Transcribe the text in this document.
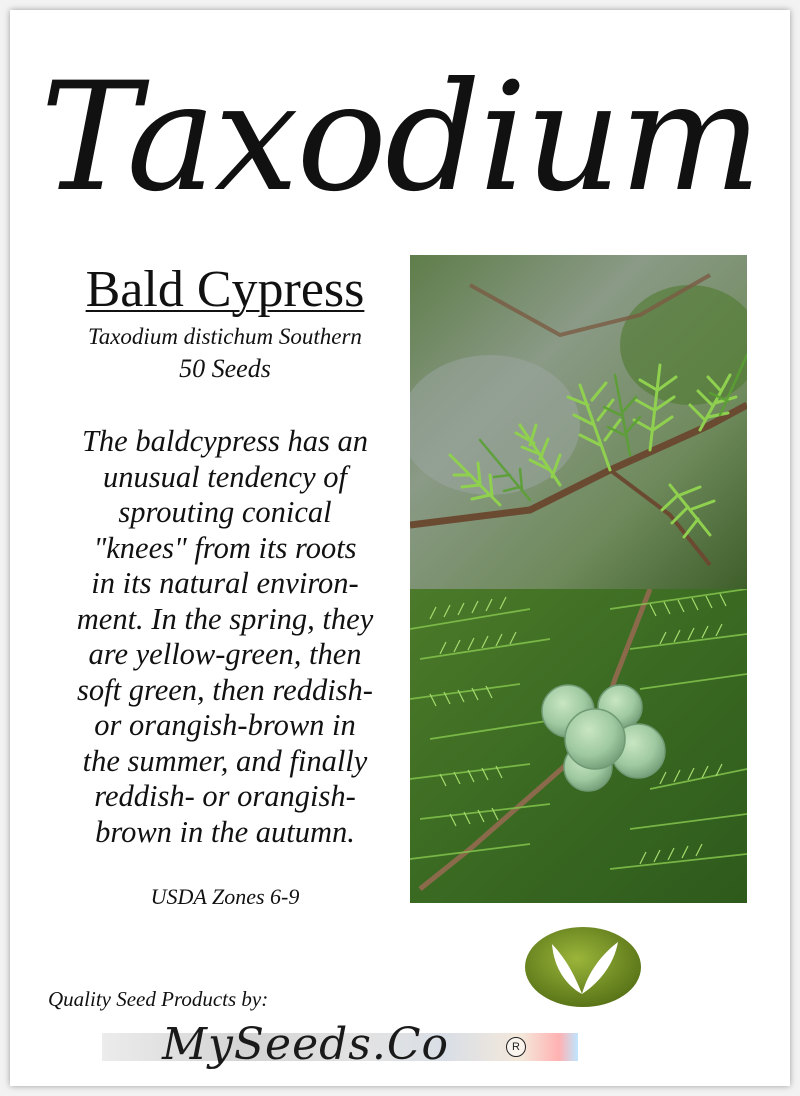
Taxodium
Bald Cypress
Taxodium distichum Southern
50 Seeds
The baldcypress has an
unusual tendency of
sprouting conical
"knees" from its roots
in its natural environ-
ment. In the spring, they
are yellow-green, then
soft green, then reddish-
or orangish-brown in
the summer, and finally
reddish- or orangish-
brown in the autumn.
USDA Zones 6-9
Quality Seed Products by:
MySeeds.Co	R
